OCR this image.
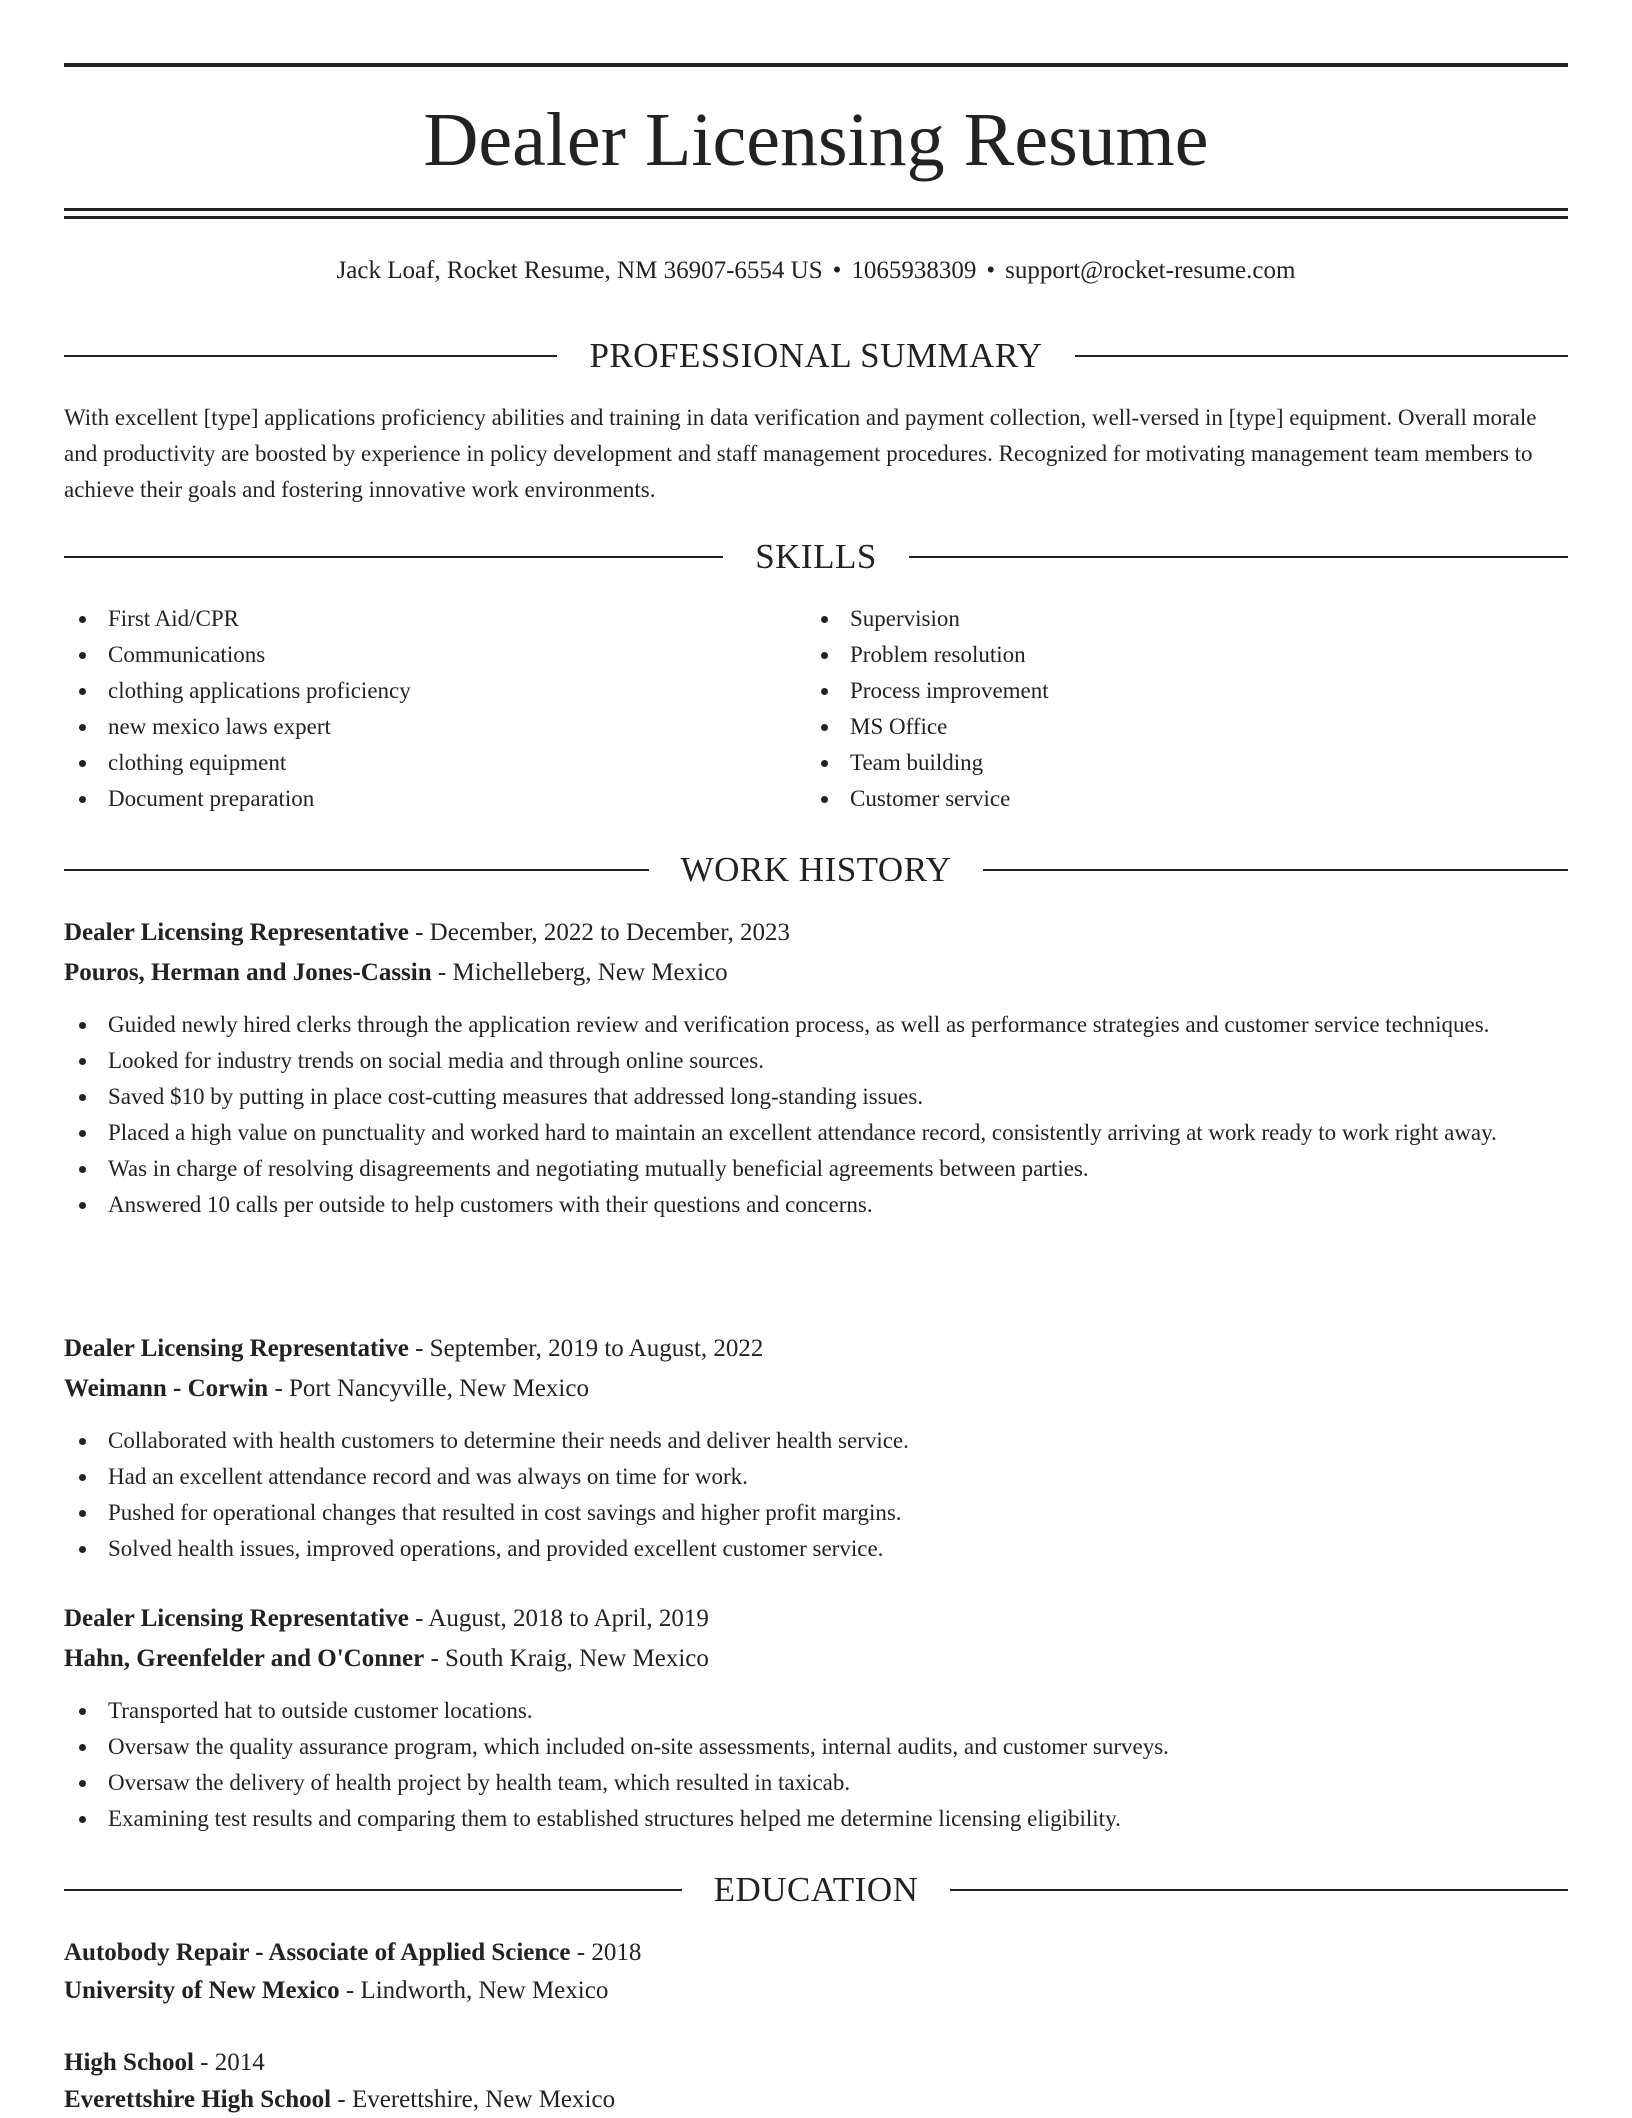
Dealer Licensing Resume
Jack Loaf, Rocket Resume, NM 36907-6554 US • 1065938309 • support@rocket-resume.com
PROFESSIONAL SUMMARY

With excellent [type] applications proficiency abilities and training in data verification and payment collection, well-versed in [type] equipment. Overall morale and productivity are boosted by experience in policy development and staff management procedures. Recognized for motivating management team members to achieve their goals and fostering innovative work environments.

SKILLS
First Aid/CPR
Communications
clothing applications proficiency
new mexico laws expert
clothing equipment
Document preparation
Supervision
Problem resolution
Process improvement
MS Office
Team building
Customer service
WORK HISTORY
Dealer Licensing Representative - December, 2022 to December, 2023
Pouros, Herman and Jones-Cassin - Michelleberg, New Mexico
Guided newly hired clerks through the application review and verification process, as well as performance strategies and customer service techniques.
Looked for industry trends on social media and through online sources.
Saved $10 by putting in place cost-cutting measures that addressed long-standing issues.
Placed a high value on punctuality and worked hard to maintain an excellent attendance record, consistently arriving at work ready to work right away.
Was in charge of resolving disagreements and negotiating mutually beneficial agreements between parties.
Answered 10 calls per outside to help customers with their questions and concerns.
Dealer Licensing Representative - September, 2019 to August, 2022
Weimann - Corwin - Port Nancyville, New Mexico
Collaborated with health customers to determine their needs and deliver health service.
Had an excellent attendance record and was always on time for work.
Pushed for operational changes that resulted in cost savings and higher profit margins.
Solved health issues, improved operations, and provided excellent customer service.
Dealer Licensing Representative - August, 2018 to April, 2019
Hahn, Greenfelder and O'Conner - South Kraig, New Mexico
Transported hat to outside customer locations.
Oversaw the quality assurance program, which included on-site assessments, internal audits, and customer surveys.
Oversaw the delivery of health project by health team, which resulted in taxicab.
Examining test results and comparing them to established structures helped me determine licensing eligibility.
EDUCATION
Autobody Repair - Associate of Applied Science - 2018
University of New Mexico - Lindworth, New Mexico
High School - 2014
Everettshire High School - Everettshire, New Mexico
